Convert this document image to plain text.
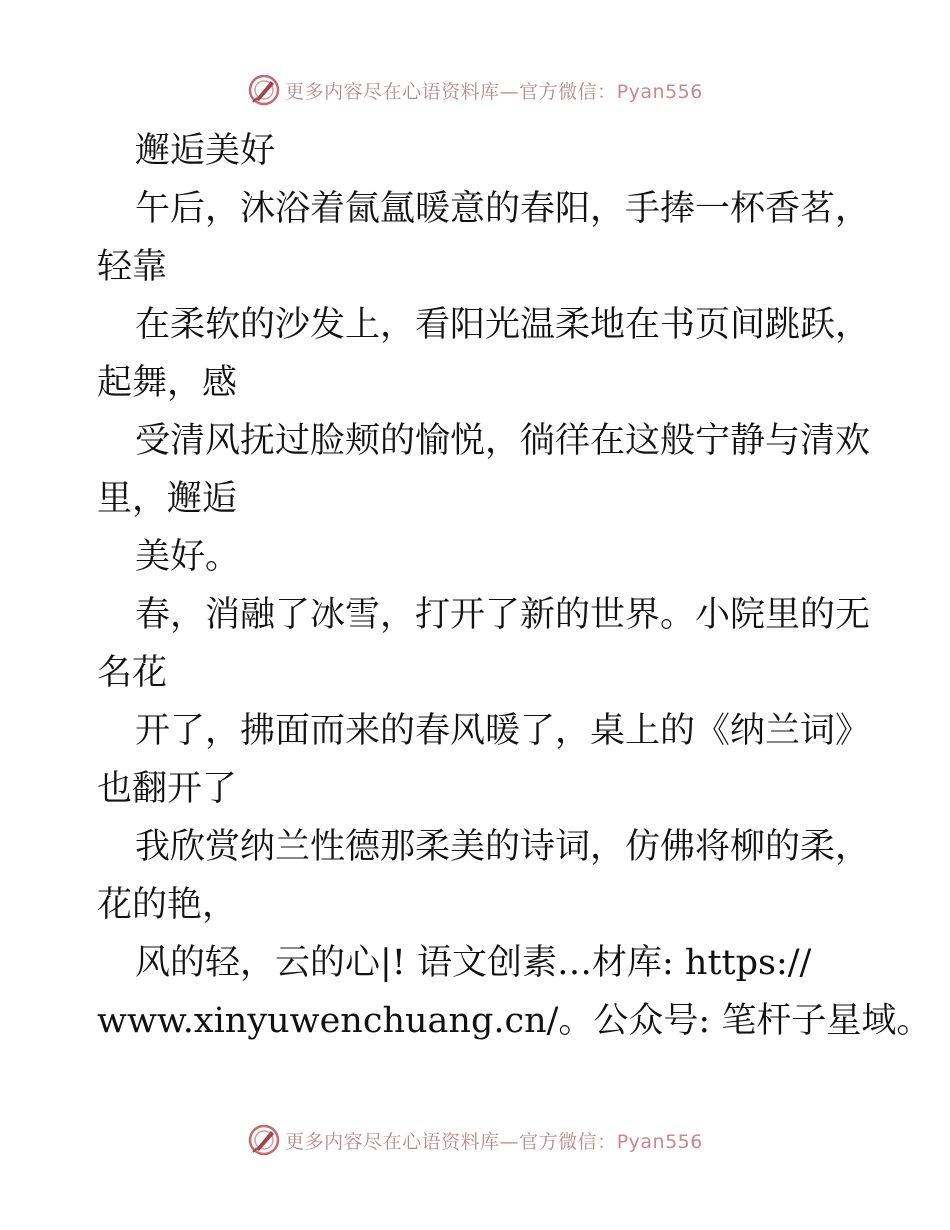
更多内容尽在心语资料库—官方微信：Pyan556
邂逅美好
午后，沐浴着氤氲暖意的春阳，手捧一杯香茗，
轻靠
在柔软的沙发上，看阳光温柔地在书页间跳跃，
起舞，感
受清风抚过脸颊的愉悦，徜徉在这般宁静与清欢
里，邂逅
美好。
春，消融了冰雪，打开了新的世界。小院里的无
名花
开了，拂面而来的春风暖了，桌上的《纳兰词》
也翻开了
我欣赏纳兰性德那柔美的诗词，仿佛将柳的柔，
花的艳，
风的轻，云的心|! 语文创素…材库: https://
www.xinyuwenchuang.cn/。公众号: 笔杆子星域。
更多内容尽在心语资料库—官方微信：Pyan556
